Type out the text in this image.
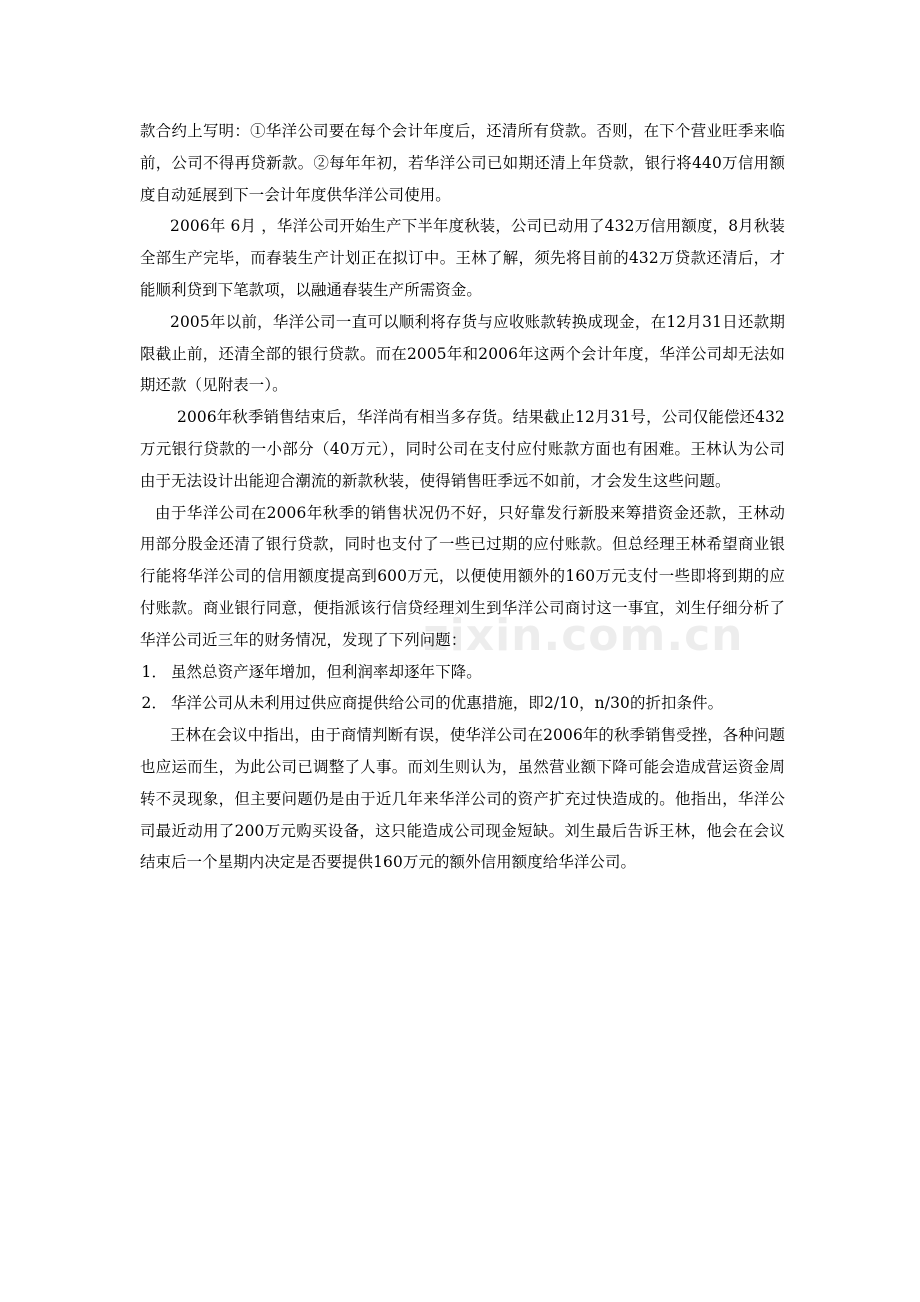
款合约上写明：①华洋公司要在每个会计年度后，还清所有贷款。否则，在下个营业旺季来临前，公司不得再贷新款。②每年年初，若华洋公司已如期还清上年贷款，银行将440万信用额度自动延展到下一会计年度供华洋公司使用。

2006年 6月 ，华洋公司开始生产下半年度秋装，公司已动用了432万信用额度，8月秋装全部生产完毕，而春装生产计划正在拟订中。王林了解，须先将目前的432万贷款还清后，才能顺利贷到下笔款项，以融通春装生产所需资金。

2005年以前，华洋公司一直可以顺利将存货与应收账款转换成现金，在12月31日还款期限截止前，还清全部的银行贷款。而在2005年和2006年这两个会计年度，华洋公司却无法如期还款（见附表一）。

2006年秋季销售结束后，华洋尚有相当多存货。结果截止12月31号，公司仅能偿还432万元银行贷款的一小部分（40万元），同时公司在支付应付账款方面也有困难。王林认为公司由于无法设计出能迎合潮流的新款秋装，使得销售旺季远不如前，才会发生这些问题。

由于华洋公司在2006年秋季的销售状况仍不好，只好靠发行新股来筹措资金还款，王林动用部分股金还清了银行贷款，同时也支付了一些已过期的应付账款。但总经理王林希望商业银行能将华洋公司的信用额度提高到600万元，以便使用额外的160万元支付一些即将到期的应付账款。商业银行同意，便指派该行信贷经理刘生到华洋公司商讨这一事宜，刘生仔细分析了华洋公司近三年的财务情况，发现了下列问题：

1． 虽然总资产逐年增加，但利润率却逐年下降。

2． 华洋公司从未利用过供应商提供给公司的优惠措施，即2/10，n/30的折扣条件。

王林在会议中指出，由于商情判断有误，使华洋公司在2006年的秋季销售受挫，各种问题也应运而生，为此公司已调整了人事。而刘生则认为，虽然营业额下降可能会造成营运资金周转不灵现象，但主要问题仍是由于近几年来华洋公司的资产扩充过快造成的。他指出，华洋公司最近动用了200万元购买设备，这只能造成公司现金短缺。刘生最后告诉王林，他会在会议结束后一个星期内决定是否要提供160万元的额外信用额度给华洋公司。

zixin.com.cn
